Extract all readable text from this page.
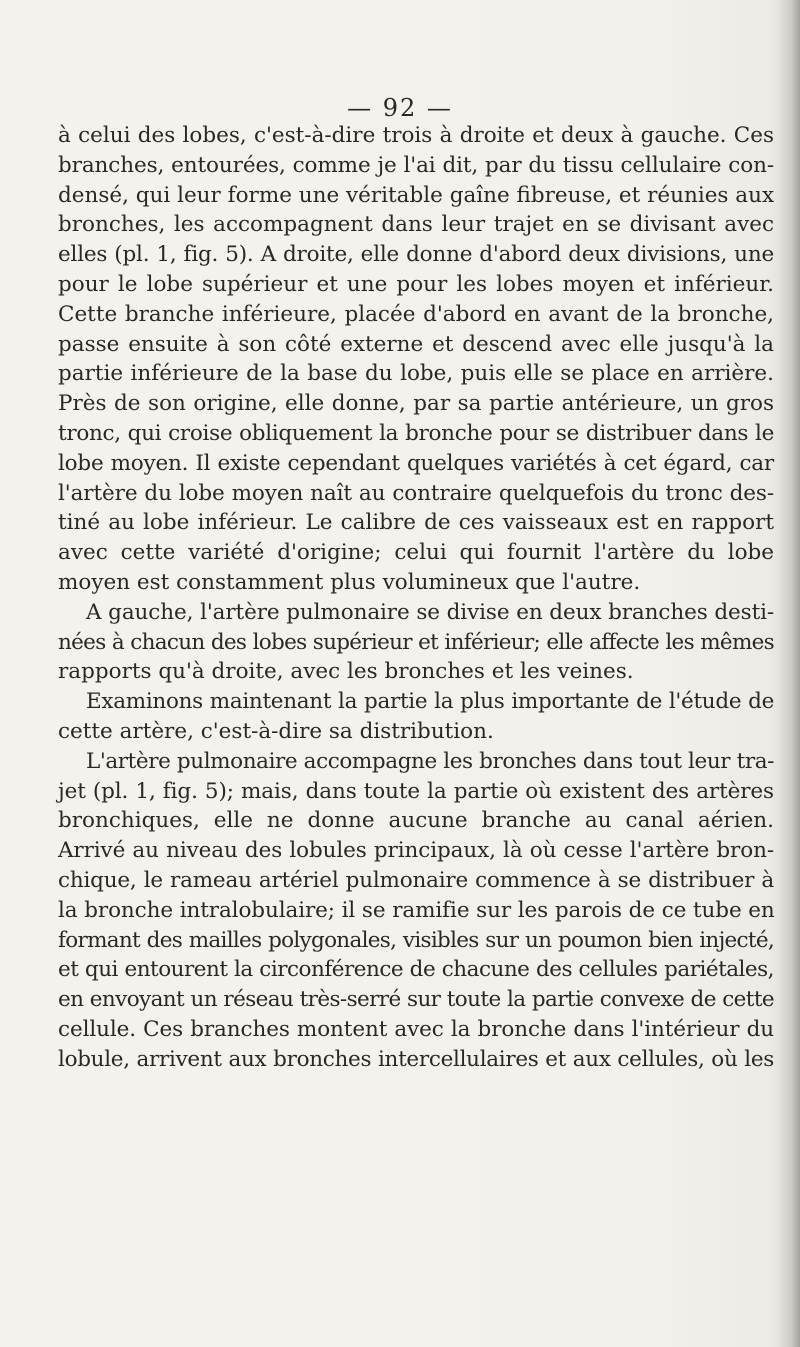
— 92 —
à celui des lobes, c'est-à-dire trois à droite et deux à gauche. Ces
branches, entourées, comme je l'ai dit, par du tissu cellulaire con-
densé, qui leur forme une véritable gaîne fibreuse, et réunies aux
bronches, les accompagnent dans leur trajet en se divisant avec
elles (pl. 1, fig. 5). A droite, elle donne d'abord deux divisions, une
pour le lobe supérieur et une pour les lobes moyen et inférieur.
Cette branche inférieure, placée d'abord en avant de la bronche,
passe ensuite à son côté externe et descend avec elle jusqu'à la
partie inférieure de la base du lobe, puis elle se place en arrière.
Près de son origine, elle donne, par sa partie antérieure, un gros
tronc, qui croise obliquement la bronche pour se distribuer dans le
lobe moyen. Il existe cependant quelques variétés à cet égard, car
l'artère du lobe moyen naît au contraire quelquefois du tronc des-
tiné au lobe inférieur. Le calibre de ces vaisseaux est en rapport
avec cette variété d'origine; celui qui fournit l'artère du lobe
moyen est constamment plus volumineux que l'autre.
A gauche, l'artère pulmonaire se divise en deux branches desti-
nées à chacun des lobes supérieur et inférieur; elle affecte les mêmes
rapports qu'à droite, avec les bronches et les veines.
Examinons maintenant la partie la plus importante de l'étude de
cette artère, c'est-à-dire sa distribution.
L'artère pulmonaire accompagne les bronches dans tout leur tra-
jet (pl. 1, fig. 5); mais, dans toute la partie où existent des artères
bronchiques, elle ne donne aucune branche au canal aérien.
Arrivé au niveau des lobules principaux, là où cesse l'artère bron-
chique, le rameau artériel pulmonaire commence à se distribuer à
la bronche intralobulaire; il se ramifie sur les parois de ce tube en
formant des mailles polygonales, visibles sur un poumon bien injecté,
et qui entourent la circonférence de chacune des cellules pariétales,
en envoyant un réseau très-serré sur toute la partie convexe de cette
cellule. Ces branches montent avec la bronche dans l'intérieur du
lobule, arrivent aux bronches intercellulaires et aux cellules, où les
